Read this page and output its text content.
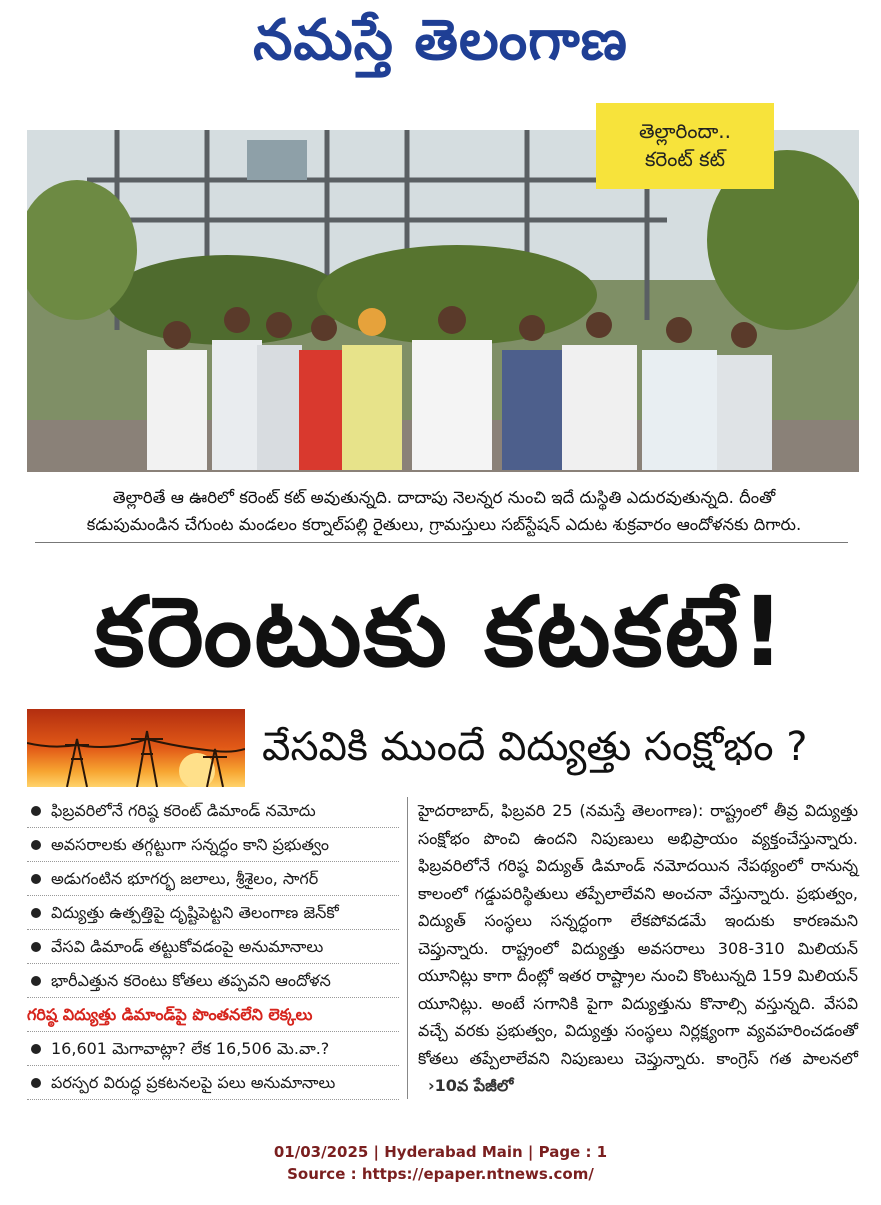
నమస్తే తెలంగాణ
తెల్లారిందా..
కరెంట్ కట్
తెల్లారితే ఆ ఊరిలో కరెంట్ కట్ అవుతున్నది. దాదాపు నెలన్నర నుంచి ఇదే దుస్థితి ఎదురవుతున్నది. దీంతో
కడుపుమండిన చేగుంట మండలం కర్నాల్‌పల్లి రైతులు, గ్రామస్తులు సబ్‌స్టేషన్ ఎదుట శుక్రవారం ఆందోళనకు దిగారు.
కరెంటుకు కటకటే!
వేసవికి ముందే విద్యుత్తు సంక్షోభం ?
ఫిబ్రవరిలోనే గరిష్ఠ కరెంట్ డిమాండ్ నమోదు
అవసరాలకు తగ్గట్టుగా సన్నద్ధం కాని ప్రభుత్వం
అడుగంటిన భూగర్భ జలాలు, శ్రీశైలం, సాగర్
విద్యుత్తు ఉత్పత్తిపై దృష్టిపెట్టని తెలంగాణ జెన్‌కో
వేసవి డిమాండ్ తట్టుకోవడంపై అనుమానాలు
భారీఎత్తున కరెంటు కోతలు తప్పవని ఆందోళన
గరిష్ఠ విద్యుత్తు డిమాండ్‌పై పొంతనలేని లెక్కలు
16,601 మెగావాట్లా? లేక 16,506 మె.వా.?
పరస్పర విరుద్ధ ప్రకటనలపై పలు అనుమానాలు
హైదరాబాద్, ఫిబ్రవరి 25 (నమస్తే తెలంగాణ): రాష్ట్రంలో తీవ్ర విద్యుత్తు సంక్షోభం పొంచి ఉందని నిపుణులు అభిప్రాయం వ్యక్తంచేస్తున్నారు. ఫిబ్రవరిలోనే గరిష్ఠ విద్యుత్ డిమాండ్ నమోదయిన నేపథ్యంలో రానున్న కాలంలో గడ్డుపరిస్థితులు తప్పేలాలేవని అంచనా వేస్తున్నారు. ప్రభుత్వం, విద్యుత్ సంస్థలు సన్నద్ధంగా లేకపోవడమే ఇందుకు కారణమని చెప్తున్నారు. రాష్ట్రంలో విద్యుత్తు అవసరాలు 308-310 మిలియన్ యూనిట్లు కాగా దీంట్లో ఇతర రాష్ట్రాల నుంచి కొంటున్నది 159 మిలియన్ యూనిట్లు. అంటే సగానికి పైగా విద్యుత్తును కొనాల్సి వస్తున్నది. వేసవి వచ్చే వరకు ప్రభుత్వం, విద్యుత్తు సంస్థలు నిర్లక్ష్యంగా వ్యవహరించడంతో కోతలు తప్పేలాలేవని నిపుణులు చెప్తున్నారు. కాంగ్రెస్ గత పాలనలో ›10వ పేజీలో
01/03/2025 | Hyderabad Main | Page : 1
Source : https://epaper.ntnews.com/
